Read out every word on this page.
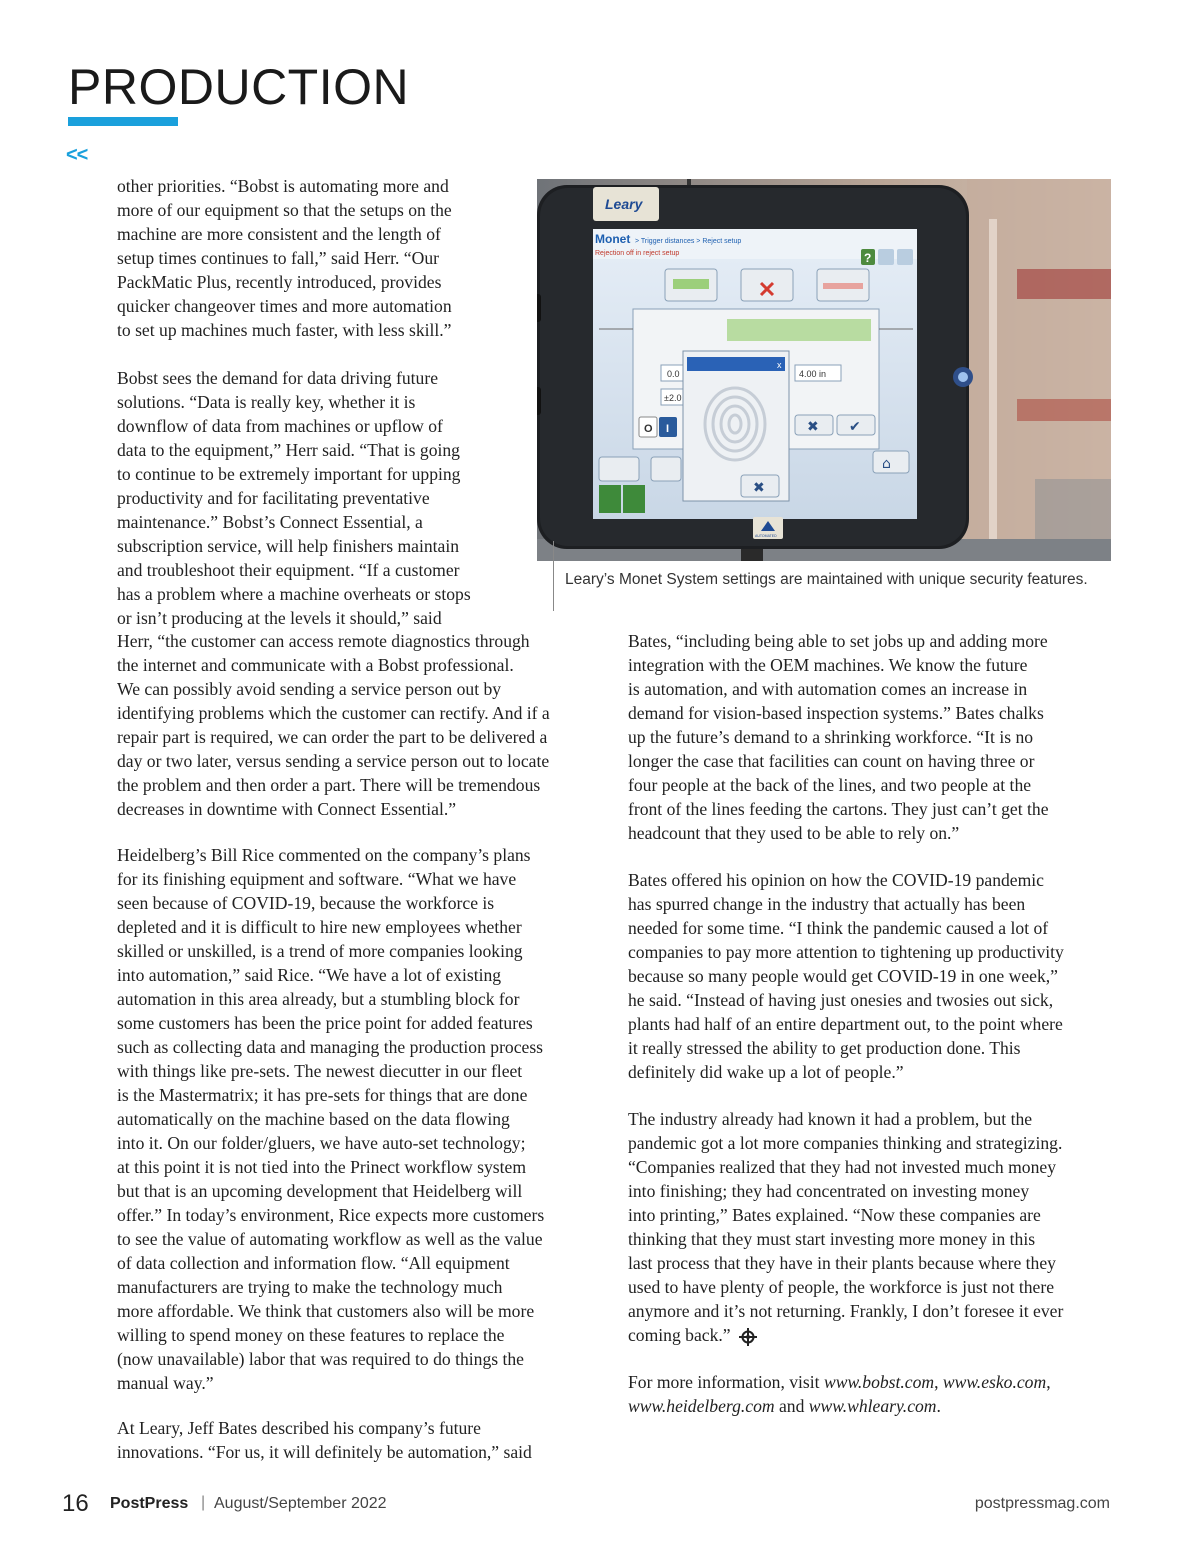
PRODUCTION
<<
other priorities. “Bobst is automating more and
more of our equipment so that the setups on the
machine are more consistent and the length of
setup times continues to fall,” said Herr. “Our
PackMatic Plus, recently introduced, provides
quicker changeover times and more automation
to set up machines much faster, with less skill.”
Bobst sees the demand for data driving future
solutions. “Data is really key, whether it is
downflow of data from machines or upflow of
data to the equipment,” Herr said. “That is going
to continue to be extremely important for upping
productivity and for facilitating preventative
maintenance.” Bobst’s Connect Essential, a
subscription service, will help finishers maintain
and troubleshoot their equipment. “If a customer
has a problem where a machine overheats or stops
or isn’t producing at the levels it should,” said
Herr, “the customer can access remote diagnostics through
the internet and communicate with a Bobst professional.
We can possibly avoid sending a service person out by
identifying problems which the customer can rectify. And if a
repair part is required, we can order the part to be delivered a
day or two later, versus sending a service person out to locate
the problem and then order a part. There will be tremendous
decreases in downtime with Connect Essential.”
Heidelberg’s Bill Rice commented on the company’s plans
for its finishing equipment and software. “What we have
seen because of COVID-19, because the workforce is
depleted and it is difficult to hire new employees whether
skilled or unskilled, is a trend of more companies looking
into automation,” said Rice. “We have a lot of existing
automation in this area already, but a stumbling block for
some customers has been the price point for added features
such as collecting data and managing the production process
with things like pre-sets. The newest diecutter in our fleet
is the Mastermatrix; it has pre-sets for things that are done
automatically on the machine based on the data flowing
into it. On our folder/gluers, we have auto-set technology;
at this point it is not tied into the Prinect workflow system
but that is an upcoming development that Heidelberg will
offer.” In today’s environment, Rice expects more customers
to see the value of automating workflow as well as the value
of data collection and information flow. “All equipment
manufacturers are trying to make the technology much
more affordable. We think that customers also will be more
willing to spend money on these features to replace the
(now unavailable) labor that was required to do things the
manual way.”
At Leary, Jeff Bates described his company’s future
innovations. “For us, it will definitely be automation,” said
Bates, “including being able to set jobs up and adding more
integration with the OEM machines. We know the future
is automation, and with automation comes an increase in
demand for vision-based inspection systems.” Bates chalks
up the future’s demand to a shrinking workforce. “It is no
longer the case that facilities can count on having three or
four people at the back of the lines, and two people at the
front of the lines feeding the cartons. They just can’t get the
headcount that they used to be able to rely on.”
Bates offered his opinion on how the COVID-19 pandemic
has spurred change in the industry that actually has been
needed for some time. “I think the pandemic caused a lot of
companies to pay more attention to tightening up productivity
because so many people would get COVID-19 in one week,”
he said. “Instead of having just onesies and twosies out sick,
plants had half of an entire department out, to the point where
it really stressed the ability to get production done. This
definitely did wake up a lot of people.”
The industry already had known it had a problem, but the
pandemic got a lot more companies thinking and strategizing.
“Companies realized that they had not invested much money
into finishing; they had concentrated on investing money
into printing,” Bates explained. “Now these companies are
thinking that they must start investing more money in this
last process that they have in their plants because where they
used to have plenty of people, the workforce is just not there
anymore and it’s not returning. Frankly, I don’t foresee it ever
coming back.”
For more information, visit www.bobst.com, www.esko.com,
www.heidelberg.com and www.whleary.com.
Leary
Monet > Trigger distances > Reject setup
Rejection off in reject setup	?
0.0
±2.0
4.00 in
O I	✖ ✔
x
✖
⌂
AUTOMATED

Leary’s Monet System settings are maintained with unique security features.

16 PostPress | August/September 2022	postpressmag.com
